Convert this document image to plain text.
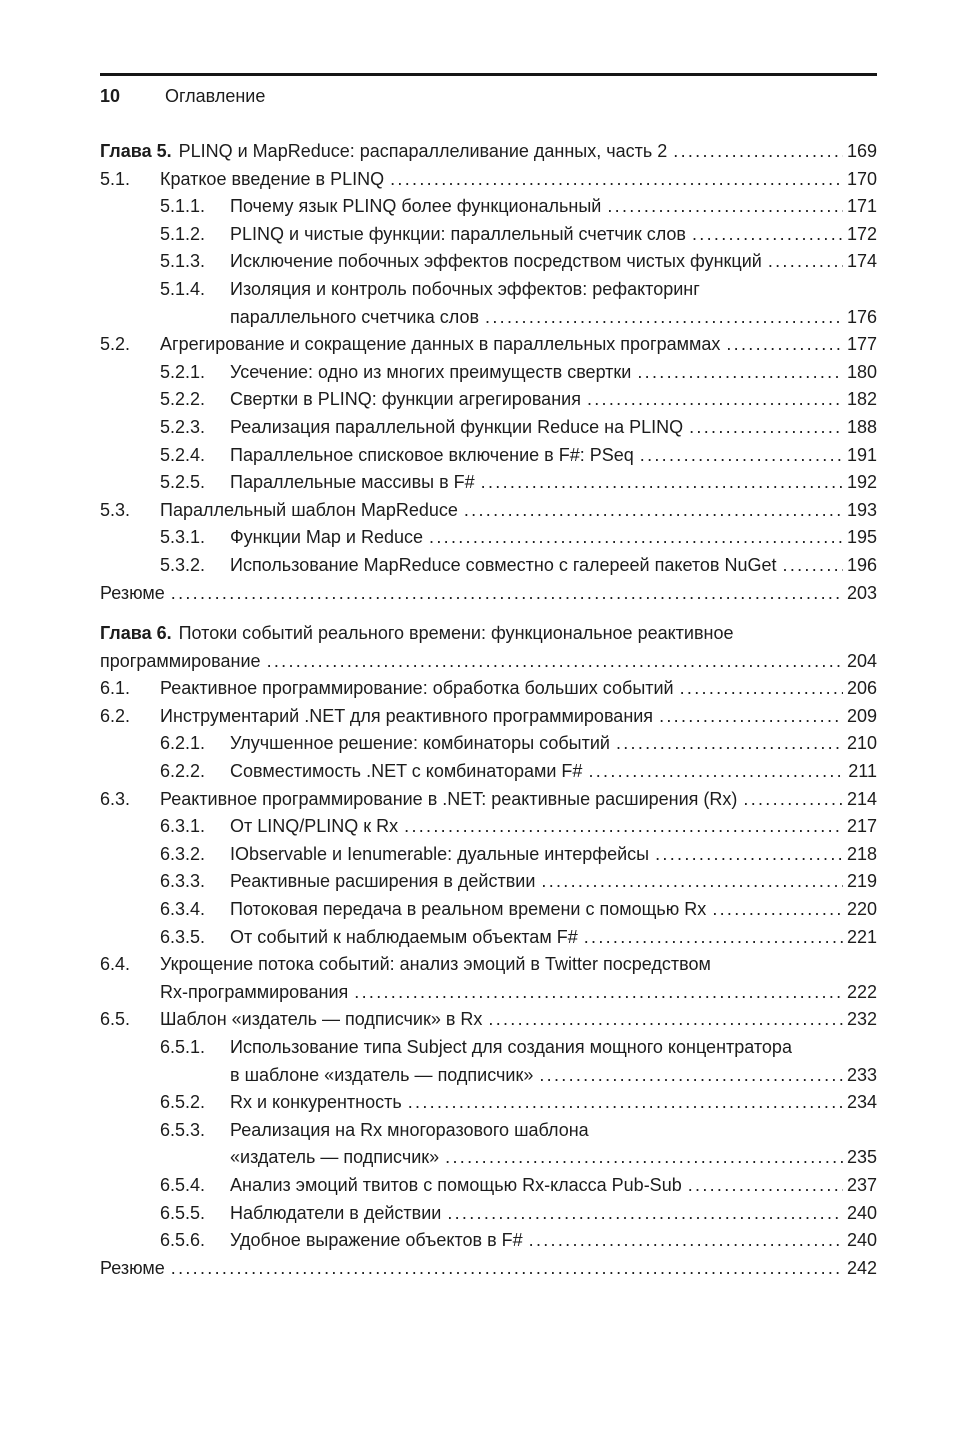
10	Оглавление
Глава 5. PLINQ и MapReduce: распараллеливание данных, часть 2 .....	169
5.1.	Краткое введение в PLINQ .....	170
5.1.1.	Почему язык PLINQ более функциональный .....	171
5.1.2.	PLINQ и чистые функции: параллельный счетчик слов .....	172
5.1.3.	Исключение побочных эффектов посредством чистых функций .....	174
5.1.4.	Изоляция и контроль побочных эффектов: рефакторинг
параллельного счетчика слов .....	176
5.2.	Агрегирование и сокращение данных в параллельных программах .....	177
5.2.1.	Усечение: одно из многих преимуществ свертки .....	180
5.2.2.	Свертки в PLINQ: функции агрегирования .....	182
5.2.3.	Реализация параллельной функции Reduce на PLINQ .....	188
5.2.4.	Параллельное списковое включение в F#: PSeq .....	191
5.2.5.	Параллельные массивы в F# .....	192
5.3.	Параллельный шаблон MapReduce .....	193
5.3.1.	Функции Map и Reduce .....	195
5.3.2.	Использование MapReduce совместно с галереей пакетов NuGet .....	196
Резюме .....	203
Глава 6. Потоки событий реального времени: функциональное реактивное
программирование .....	204
6.1.	Реактивное программирование: обработка больших событий .....	206
6.2.	Инструментарий .NET для реактивного программирования .....	209
6.2.1.	Улучшенное решение: комбинаторы событий .....	210
6.2.2.	Совместимость .NET с комбинаторами F# .....	211
6.3.	Реактивное программирование в .NET: реактивные расширения (Rx) .....	214
6.3.1.	От LINQ/PLINQ к Rx .....	217
6.3.2.	IObservable и Ienumerable: дуальные интерфейсы .....	218
6.3.3.	Реактивные расширения в действии .....	219
6.3.4.	Потоковая передача в реальном времени с помощью Rx .....	220
6.3.5.	От событий к наблюдаемым объектам F# .....	221
6.4.	Укрощение потока событий: анализ эмоций в Twitter посредством
Rx-программирования .....	222
6.5.	Шаблон «издатель — подписчик» в Rx .....	232
6.5.1.	Использование типа Subject для создания мощного концентратора
в шаблоне «издатель — подписчик» .....	233
6.5.2.	Rx и конкурентность .....	234
6.5.3.	Реализация на Rx многоразового шаблона
«издатель — подписчик» .....	235
6.5.4.	Анализ эмоций твитов с помощью Rx-класса Pub-Sub .....	237
6.5.5.	Наблюдатели в действии .....	240
6.5.6.	Удобное выражение объектов в F# .....	240
Резюме .....	242
